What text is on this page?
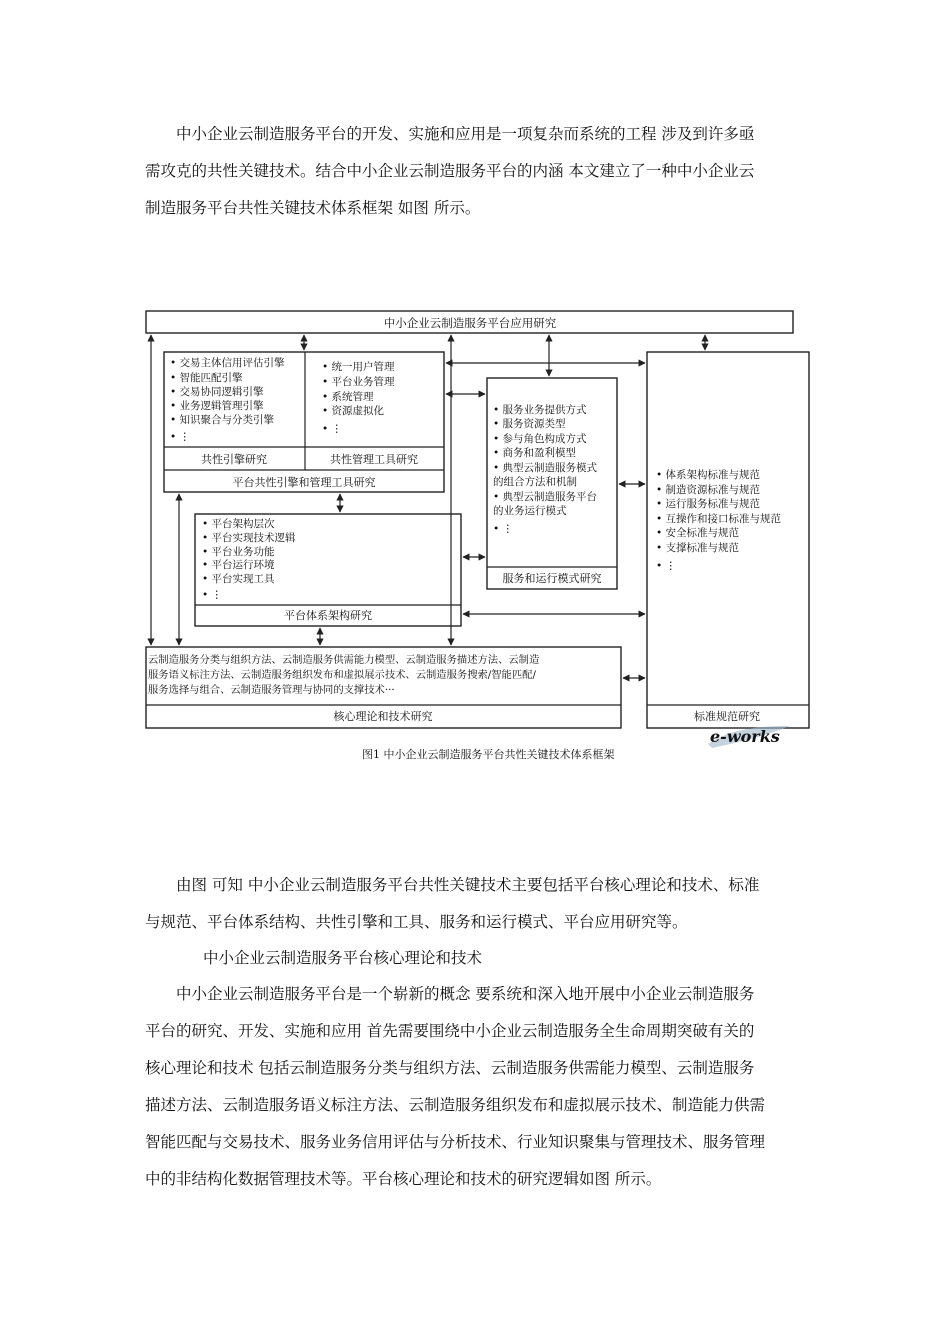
中小企业云制造服务平台的开发、实施和应用是一项复杂而系统的工程 涉及到许多亟

需攻克的共性关键技术。结合中小企业云制造服务平台的内涵 本文建立了一种中小企业云

制造服务平台共性关键技术体系框架 如图 所示。

中小企业云制造服务平台应用研究
• 交易主体信用评估引擎
• 智能匹配引擎
• 交易协同逻辑引擎
• 业务逻辑管理引擎
• 知识聚合与分类引擎
• ⋮
共性引擎研究
• 统一用户管理
• 平台业务管理
• 系统管理
• 资源虚拟化
• ⋮
共性管理工具研究
平台共性引擎和管理工具研究
• 服务业务提供方式
• 服务资源类型
• 参与角色构成方式
• 商务和盈利模型
• 典型云制造服务模式
的组合方法和机制
• 典型云制造服务平台
的业务运行模式
• ⋮
服务和运行模式研究
• 体系架构标准与规范
• 制造资源标准与规范
• 运行服务标准与规范
• 互操作和接口标准与规范
• 安全标准与规范
• 支撑标准与规范
• ⋮
标准规范研究
• 平台架构层次
• 平台实现技术逻辑
• 平台业务功能
• 平台运行环境
• 平台实现工具
• ⋮
平台体系架构研究
云制造服务分类与组织方法、云制造服务供需能力模型、云制造服务描述方法、云制造
服务语义标注方法、云制造服务组织发布和虚拟展示技术、云制造服务搜索/智能匹配/
服务选择与组合、云制造服务管理与协同的支撑技术···
核心理论和技术研究
图1 中小企业云制造服务平台共性关键技术体系框架
e-works

由图 可知 中小企业云制造服务平台共性关键技术主要包括平台核心理论和技术、标准

与规范、平台体系结构、共性引擎和工具、服务和运行模式、平台应用研究等。

中小企业云制造服务平台核心理论和技术

中小企业云制造服务平台是一个崭新的概念 要系统和深入地开展中小企业云制造服务

平台的研究、开发、实施和应用 首先需要围绕中小企业云制造服务全生命周期突破有关的

核心理论和技术 包括云制造服务分类与组织方法、云制造服务供需能力模型、云制造服务

描述方法、云制造服务语义标注方法、云制造服务组织发布和虚拟展示技术、制造能力供需

智能匹配与交易技术、服务业务信用评估与分析技术、行业知识聚集与管理技术、服务管理

中的非结构化数据管理技术等。平台核心理论和技术的研究逻辑如图 所示。
